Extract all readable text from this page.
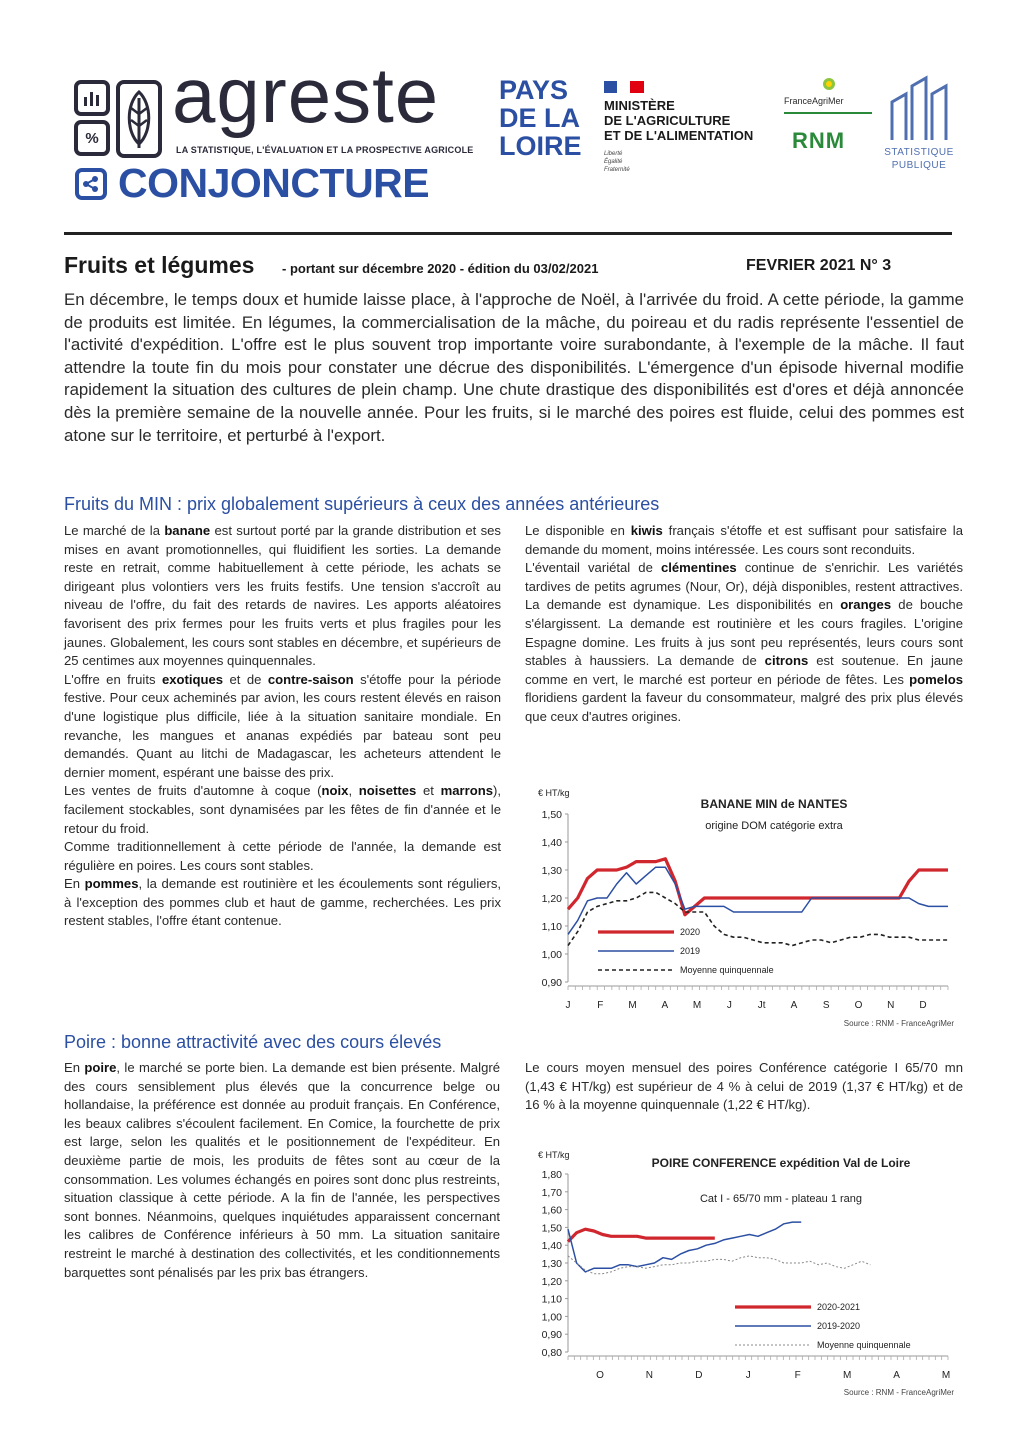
% agreste
LA STATISTIQUE, L'ÉVALUATION ET LA PROSPECTIVE AGRICOLE
CONJONCTURE
PAYS
DE LA
LOIRE
MINISTÈRE
DE L'AGRICULTURE
ET DE L'ALIMENTATION
Liberté
Égalité
Fraternité
FranceAgriMer
RNM	STATISTIQUE
PUBLIQUE
Fruits et légumes - portant sur décembre 2020 - édition du 03/02/2021	FEVRIER 2021 N° 3
En décembre, le temps doux et humide laisse place, à l'approche de Noël, à l'arrivée du froid. A cette période, la gamme de produits est limitée. En légumes, la commercialisation de la mâche, du poireau et du radis représente l'essentiel de l'activité d'expédition. L'offre est le plus souvent trop importante voire surabondante, à l'exemple de la mâche. Il faut attendre la toute fin du mois pour constater une décrue des disponibilités. L'émergence d'un épisode hivernal modifie rapidement la situation des cultures de plein champ. Une chute drastique des disponibilités est d'ores et déjà annoncée dès la première semaine de la nouvelle année. Pour les fruits, si le marché des poires est fluide, celui des pommes est atone sur le territoire, et perturbé à l'export.
Fruits du MIN : prix globalement supérieurs à ceux des années antérieures

Le marché de la banane est surtout porté par la grande distribution et ses mises en avant promotionnelles, qui fluidifient les sorties. La demande reste en retrait, comme habituellement à cette période, les achats se dirigeant plus volontiers vers les fruits festifs. Une tension s'accroît au niveau de l'offre, du fait des retards de navires. Les apports aléatoires favorisent des prix fermes pour les fruits verts et plus fragiles pour les jaunes. Globalement, les cours sont stables en décembre, et supérieurs de 25 centimes aux moyennes quinquennales.

L'offre en fruits exotiques et de contre-saison s'étoffe pour la période festive. Pour ceux acheminés par avion, les cours restent élevés en raison d'une logistique plus difficile, liée à la situation sanitaire mondiale. En revanche, les mangues et ananas expédiés par bateau sont peu demandés. Quant au litchi de Madagascar, les acheteurs attendent le dernier moment, espérant une baisse des prix.

Les ventes de fruits d'automne à coque (noix, noisettes et marrons), facilement stockables, sont dynamisées par les fêtes de fin d'année et le retour du froid.

Comme traditionnellement à cette période de l'année, la demande est régulière en poires. Les cours sont stables.

En pommes, la demande est routinière et les écoulements sont réguliers, à l'exception des pommes club et haut de gamme, recherchées. Les prix restent stables, l'offre étant contenue.

Le disponible en kiwis français s'étoffe et est suffisant pour satisfaire la demande du moment, moins intéressée. Les cours sont reconduits.

L'éventail variétal de clémentines continue de s'enrichir. Les variétés tardives de petits agrumes (Nour, Or), déjà disponibles, restent attractives. La demande est dynamique. Les disponibilités en oranges de bouche s'élargissent. La demande est routinière et les cours fragiles. L'origine Espagne domine. Les fruits à jus sont peu représentés, leurs cours sont stables à haussiers. La demande de citrons est soutenue. En jaune comme en vert, le marché est porteur en période de fêtes. Les pomelos floridiens gardent la faveur du consommateur, malgré des prix plus élevés que ceux d'autres origines.

€ HT/kg
1,50
1,40
1,30
1,20
1,10
1,00
0,90
J	F	M A M	J	Jt	A	S	O N	D
2020
2019
Moyenne quinquennale
BANANE MIN de NANTES
origine DOM catégorie extra
Source : RNM - FranceAgriMer
Poire : bonne attractivité avec des cours élevés

En poire, le marché se porte bien. La demande est bien présente. Malgré des cours sensiblement plus élevés que la concurrence belge ou hollandaise, la préférence est donnée au produit français. En Conférence, les beaux calibres s'écoulent facilement. En Comice, la fourchette de prix est large, selon les qualités et le positionnement de l'expéditeur. En deuxième partie de mois, les produits de fêtes sont au cœur de la consommation. Les volumes échangés en poires sont donc plus restreints, situation classique à cette période. A la fin de l'année, les perspectives sont bonnes. Néanmoins, quelques inquiétudes apparaissent concernant les calibres de Conférence inférieurs à 50 mm. La situation sanitaire restreint le marché à destination des collectivités, et les conditionnements barquettes sont pénalisés par les prix bas étrangers.

Le cours moyen mensuel des poires Conférence catégorie I 65/70 mn (1,43 € HT/kg) est supérieur de 4 % à celui de 2019 (1,37 € HT/kg) et de 16 % à la moyenne quinquennale (1,22 € HT/kg).

€ HT/kg
1,80
1,70
1,60
1,50
1,40
1,30
1,20
1,10
1,00
0,90
0,80
O	N	D	J	F	M	A	M
2020-2021
2019-2020
Moyenne quinquennale
POIRE CONFERENCE expédition Val de Loire
Cat I - 65/70 mm - plateau 1 rang
Source : RNM - FranceAgriMer
